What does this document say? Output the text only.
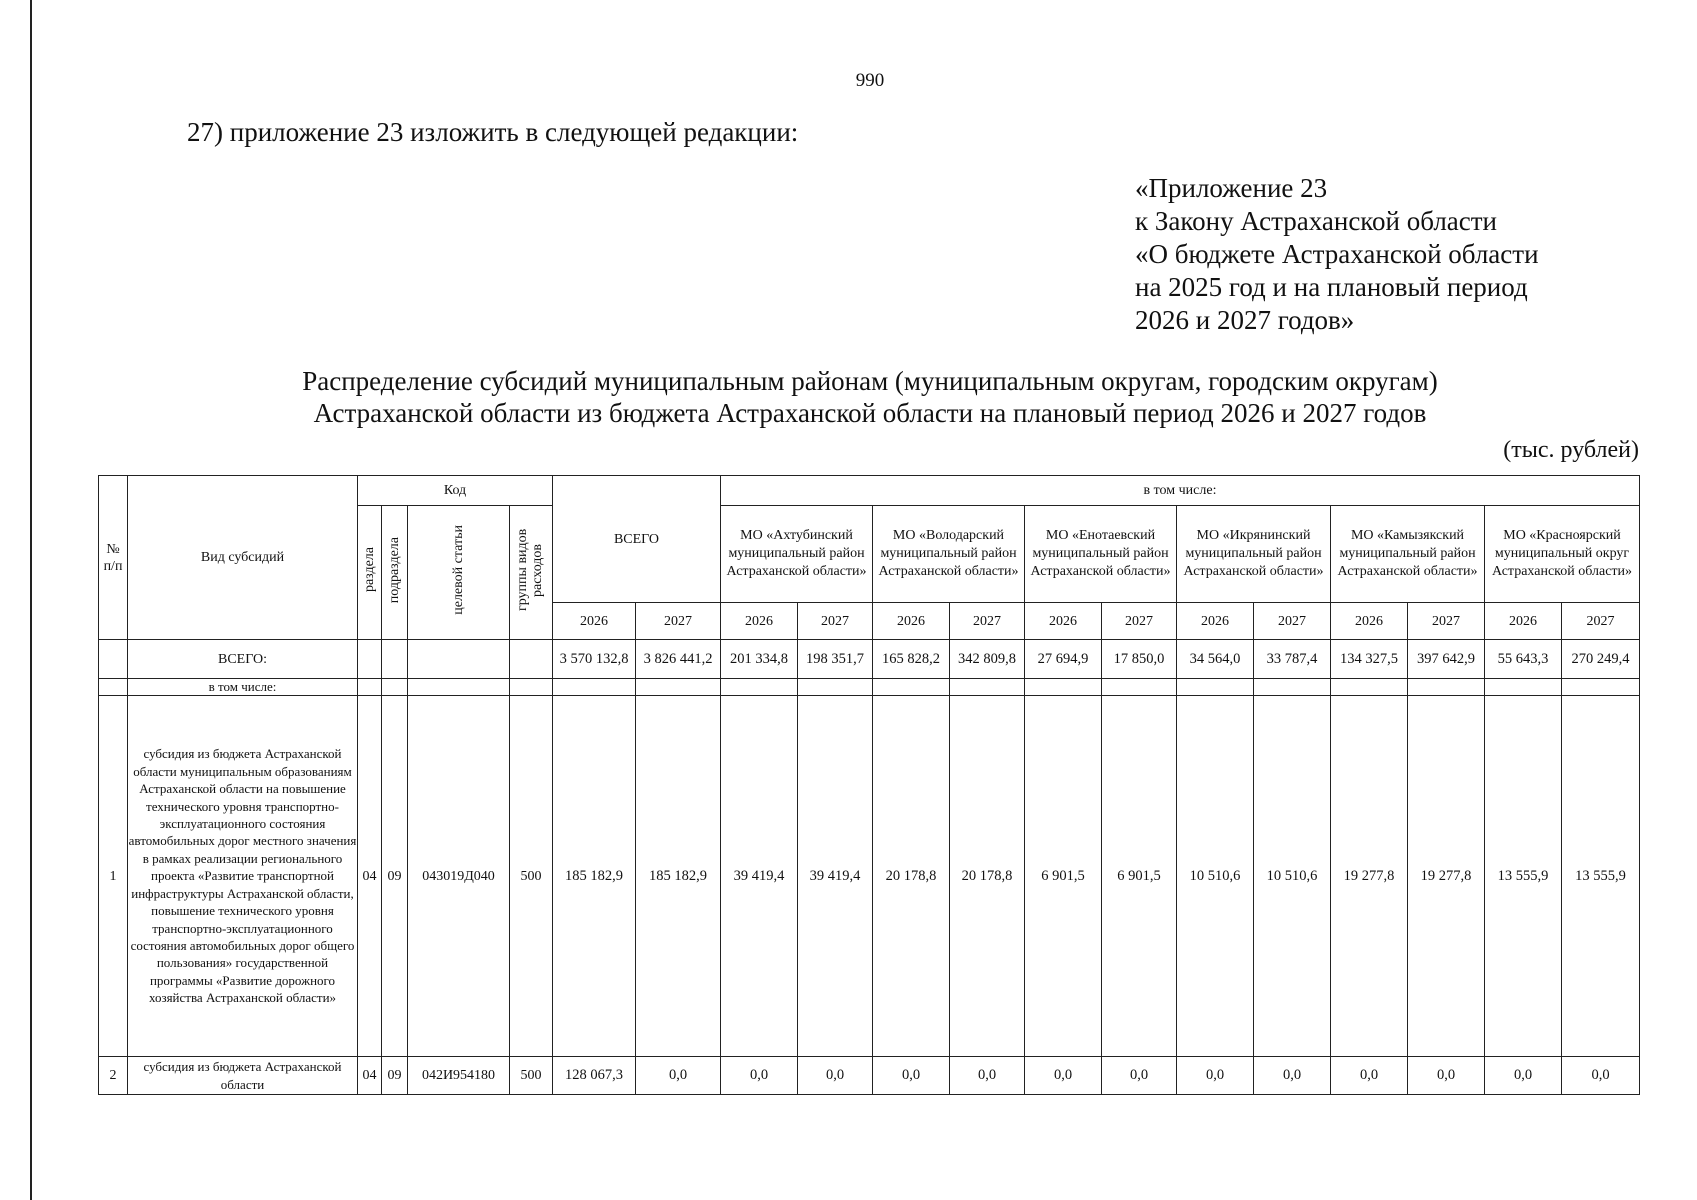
990
27) приложение 23 изложить в следующей редакции:
«Приложение 23
к Закону Астраханской области
«О бюджете Астраханской области
на 2025 год и на плановый период
2026 и 2027 годов»
Распределение субсидий муниципальным районам (муниципальным округам, городским округам)
Астраханской области из бюджета Астраханской области на плановый период 2026 и 2027 годов
(тыс. рублей)
№ п/п	Вид субсидий	Код				ВСЕГО		в том числе:											
		раздела	подраздела	целевой статьи	группы видов расходов			МО «Ахтубинский муниципальный район Астраханской области»		МО «Володарский муниципальный район Астраханской области»		МО «Енотаевский муниципальный район Астраханской области»		МО «Икрянинский муниципальный район Астраханской области»		МО «Камызякский муниципальный район Астраханской области»		МО «Красноярский муниципальный округ Астраханской области»	
						2026	2027	2026	2027	2026	2027	2026	2027	2026	2027	2026	2027	2026	2027
	ВСЕГО:					3 570 132,8	3 826 441,2	201 334,8	198 351,7	165 828,2	342 809,8	27 694,9	17 850,0	34 564,0	33 787,4	134 327,5	397 642,9	55 643,3	270 249,4
	в том числе:																		
1	субсидия из бюджета Астраханской области муниципальным образованиям Астраханской области на повышение технического уровня транспортно-эксплуатационного состояния автомобильных дорог местного значения в рамках реализации регионального проекта «Развитие транспортной инфраструктуры Астраханской области, повышение технического уровня транспортно-эксплуатационного состояния автомобильных дорог общего пользования» государственной программы «Развитие дорожного хозяйства Астраханской области»	04	09	043019Д040	500	185 182,9	185 182,9	39 419,4	39 419,4	20 178,8	20 178,8	6 901,5	6 901,5	10 510,6	10 510,6	19 277,8	19 277,8	13 555,9	13 555,9
2	субсидия из бюджета Астраханской области	04	09	042И954180	500	128 067,3	0,0	0,0	0,0	0,0	0,0	0,0	0,0	0,0	0,0	0,0	0,0	0,0	0,0
